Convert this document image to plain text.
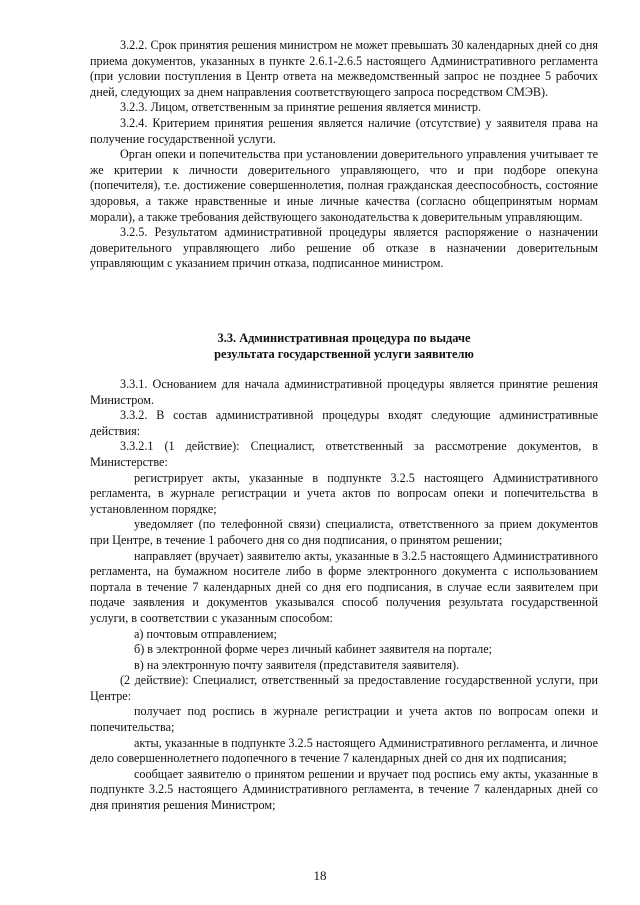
3.2.2. Срок принятия решения министром не может превышать 30 календарных дней со дня приема документов, указанных в пункте 2.6.1-2.6.5 настоящего Административного регламента (при условии поступления в Центр ответа на межведомственный запрос не позднее 5 рабочих дней, следующих за днем направления соответствующего запроса посредством СМЭВ).

3.2.3. Лицом, ответственным за принятие решения является министр.

3.2.4. Критерием принятия решения является наличие (отсутствие) у заявителя права на получение государственной услуги.

Орган опеки и попечительства при установлении доверительного управления учитывает те же критерии к личности доверительного управляющего, что и при подборе опекуна (попечителя), т.е. достижение совершеннолетия, полная гражданская дееспособность, состояние здоровья, а также нравственные и иные личные качества (согласно общепринятым нормам морали), а также требования действующего законодательства к доверительным управляющим.

3.2.5. Результатом административной процедуры является распоряжение о назначении доверительного управляющего либо решение об отказе в назначении доверительным управляющим с указанием причин отказа, подписанное министром.

3.3. Административная процедура по выдаче
результата государственной услуги заявителю

3.3.1. Основанием для начала административной процедуры является принятие решения Министром.

3.3.2. В состав административной процедуры входят следующие административные действия:

3.3.2.1 (1 действие): Специалист, ответственный за рассмотрение документов, в Министерстве:

регистрирует акты, указанные в подпункте 3.2.5 настоящего Административного регламента, в журнале регистрации и учета актов по вопросам опеки и попечительства в установленном порядке;

уведомляет (по телефонной связи) специалиста, ответственного за прием документов при Центре, в течение 1 рабочего дня со дня подписания, о принятом решении;

направляет (вручает) заявителю акты, указанные в 3.2.5 настоящего Административного регламента, на бумажном носителе либо в форме электронного документа с использованием портала в течение 7 календарных дней со дня его подписания, в случае если заявителем при подаче заявления и документов указывался способ получения результата государственной услуги, в соответствии с указанным способом:

а) почтовым отправлением;

б) в электронной форме через личный кабинет заявителя на портале;

в) на электронную почту заявителя (представителя заявителя).

(2 действие): Специалист, ответственный за предоставление государственной услуги, при Центре:

получает под роспись в журнале регистрации и учета актов по вопросам опеки и попечительства;

акты, указанные в подпункте 3.2.5 настоящего Административного регламента, и личное дело совершеннолетнего подопечного в течение 7 календарных дней со дня их подписания;

сообщает заявителю о принятом решении и вручает под роспись ему акты, указанные в подпункте 3.2.5 настоящего Административного регламента, в течение 7 календарных дней со дня принятия решения Министром;

18
